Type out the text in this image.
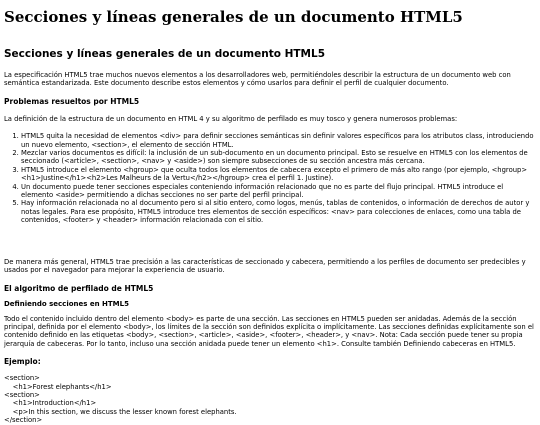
Secciones y líneas generales de un documento HTML5
Secciones y líneas generales de un documento HTML5

La especificación HTML5 trae muchos nuevos elementos a los desarrolladores web, permitiéndoles describir la estructura de un documento web con semántica estandarizada. Este documento describe estos elementos y cómo usarlos para definir el perfil de cualquier documento.

Problemas resueltos por HTML5

La definición de la estructura de un documento en HTML 4 y su algoritmo de perfilado es muy tosco y genera numerosos problemas:

1. HTML5 quita la necesidad de elementos <div> para definir secciones semánticas sin definir valores específicos para los atributos class, introduciendo un nuevo elemento, <section>, el elemento de sección HTML.
2. Mezclar varios documentos es difícil: la inclusión de un sub-documento en un documento principal. Esto se resuelve en HTML5 con los elementos de seccionado (<article>, <section>, <nav> y <aside>) son siempre subsecciones de su sección ancestra más cercana.
3. HTML5 introduce el elemento <hgroup> que oculta todos los elementos de cabecera excepto el primero de más alto rango (por ejemplo, <hgroup><h1>Justine</h1><h2>Les Malheurs de la Vertu</h2></hgroup> crea el perfil 1. Justine).
4. Un documento puede tener secciones especiales conteniendo información relacionado que no es parte del flujo principal. HTML5 introduce el elemento <aside> permitiendo a dichas secciones no ser parte del perfil principal.
5. Hay información relacionada no al documento pero si al sitio entero, como logos, menús, tablas de contenidos, o información de derechos de autor y notas legales. Para ese propósito, HTML5 introduce tres elementos de sección específicos: <nav> para colecciones de enlaces, como una tabla de contenidos, <footer> y <header> información relacionada con el sitio.

De manera más general, HTML5 trae precisión a las características de seccionado y cabecera, permitiendo a los perfiles de documento ser predecibles y usados por el navegador para mejorar la experiencia de usuario.

El algoritmo de perfilado de HTML5
Definiendo secciones en HTML5

Todo el contenido incluido dentro del elemento <body> es parte de una sección. Las secciones en HTML5 pueden ser anidadas. Además de la sección principal, definida por el elemento <body>, los límites de la sección son definidos explícita o implícitamente. Las secciones definidas explícitamente son el contenido definido en las etiquetas <body>, <section>, <article>, <aside>, <footer>, <header>, y <nav>. Nota: Cada sección puede tener su propia jerarquía de cabeceras. Por lo tanto, incluso una sección anidada puede tener un elemento <h1>. Consulte también Definiendo cabeceras en HTML5.

Ejemplo:
<section>
<h1>Forest elephants</h1>
<section>
<h1>Introduction</h1>
<p>In this section, we discuss the lesser known forest elephants.
</section>
